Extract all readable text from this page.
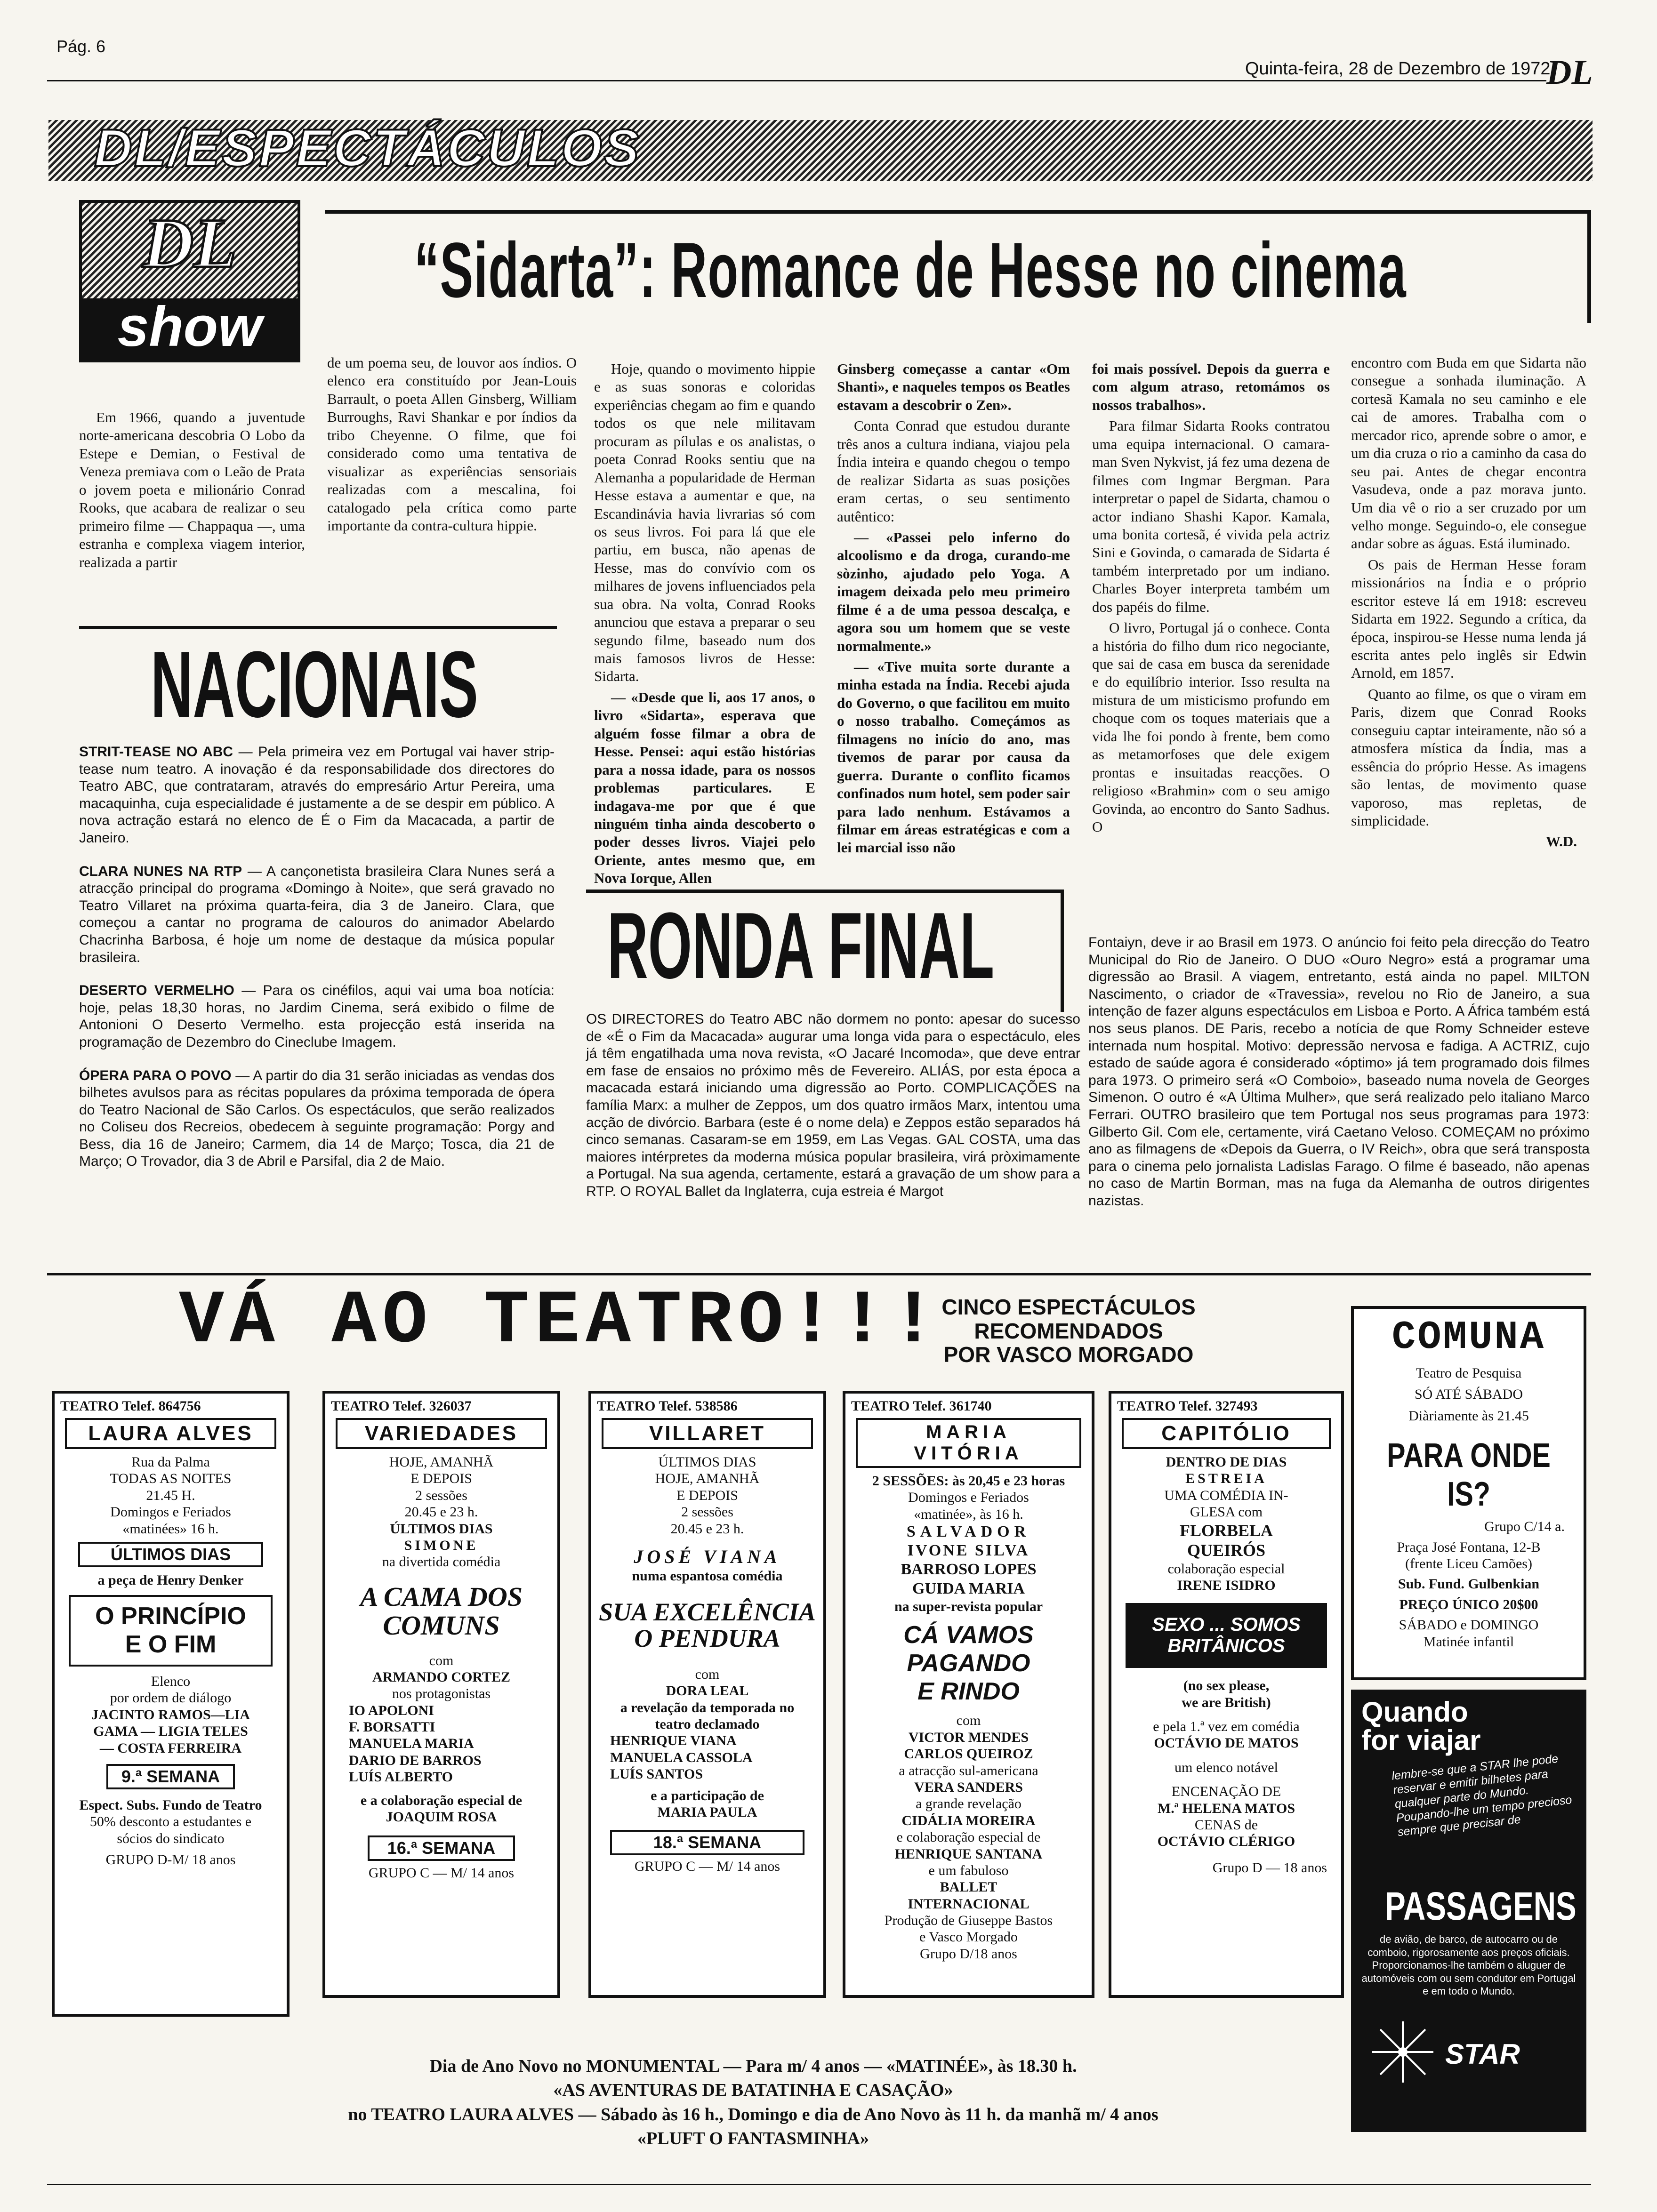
Pág. 6
Quinta-feira, 28 de Dezembro de 1972
DL
DL/ESPECTÁCULOS
DL
show
“Sidarta”: Romance de Hesse no cinema

Em 1966, quando a juventude norte-americana descobria O Lobo da Estepe e Demian, o Festival de Veneza premiava com o Leão de Prata o jovem poeta e milionário Conrad Rooks, que acabara de realizar o seu primeiro filme — Chappaqua —, uma estranha e complexa viagem interior, realizada a partir

de um poema seu, de louvor aos índios. O elenco era constituído por Jean-Louis Barrault, o poeta Allen Ginsberg, William Burroughs, Ravi Shankar e por índios da tribo Cheyenne. O filme, que foi considerado como uma tentativa de visualizar as experiências sensoriais realizadas com a mescalina, foi catalogado pela crítica como parte importante da contra-cultura hippie.

Hoje, quando o movimento hippie e as suas sonoras e coloridas experiências chegam ao fim e quando todos os que nele militavam procuram as pílulas e os analistas, o poeta Conrad Rooks sentiu que na Alemanha a popularidade de Herman Hesse estava a aumentar e que, na Escandinávia havia livrarias só com os seus livros. Foi para lá que ele partiu, em busca, não apenas de Hesse, mas do convívio com os milhares de jovens influenciados pela sua obra. Na volta, Conrad Rooks anunciou que estava a preparar o seu segundo filme, baseado num dos mais famosos livros de Hesse: Sidarta.

— «Desde que li, aos 17 anos, o livro «Sidarta», esperava que alguém fosse filmar a obra de Hesse. Pensei: aqui estão histórias para a nossa idade, para os nossos problemas particulares. E indagava-me por que é que ninguém tinha ainda descoberto o poder desses livros. Viajei pelo Oriente, antes mesmo que, em Nova Iorque, Allen

Ginsberg começasse a cantar «Om Shanti», e naqueles tempos os Beatles estavam a descobrir o Zen».

Conta Conrad que estudou durante três anos a cultura indiana, viajou pela Índia inteira e quando chegou o tempo de realizar Sidarta as suas posições eram certas, o seu sentimento autêntico:

— «Passei pelo inferno do alcoolismo e da droga, curando-me sòzinho, ajudado pelo Yoga. A imagem deixada pelo meu primeiro filme é a de uma pessoa descalça, e agora sou um homem que se veste normalmente.»

— «Tive muita sorte durante a minha estada na Índia. Recebi ajuda do Governo, o que facilitou em muito o nosso trabalho. Começámos as filmagens no início do ano, mas tivemos de parar por causa da guerra. Durante o conflito ficamos confinados num hotel, sem poder sair para lado nenhum. Estávamos a filmar em áreas estratégicas e com a lei marcial isso não

foi mais possível. Depois da guerra e com algum atraso, retomámos os nossos trabalhos».

Para filmar Sidarta Rooks contratou uma equipa internacional. O camara-man Sven Nykvist, já fez uma dezena de filmes com Ingmar Bergman. Para interpretar o papel de Sidarta, chamou o actor indiano Shashi Kapor. Kamala, uma bonita cortesã, é vivida pela actriz Sini e Govinda, o camarada de Sidarta é também interpretado por um indiano. Charles Boyer interpreta também um dos papéis do filme.

O livro, Portugal já o conhece. Conta a história do filho dum rico negociante, que sai de casa em busca da serenidade e do equilíbrio interior. Isso resulta na mistura de um misticismo profundo em choque com os toques materiais que a vida lhe foi pondo à frente, bem como as metamorfoses que dele exigem prontas e insuitadas reacções. O religioso «Brahmin» com o seu amigo Govinda, ao encontro do Santo Sadhus. O

encontro com Buda em que Sidarta não consegue a sonhada iluminação. A cortesã Kamala no seu caminho e ele cai de amores. Trabalha com o mercador rico, aprende sobre o amor, e um dia cruza o rio a caminho da casa do seu pai. Antes de chegar encontra Vasudeva, onde a paz morava junto. Um dia vê o rio a ser cruzado por um velho monge. Seguindo-o, ele consegue andar sobre as águas. Está iluminado.

Os pais de Herman Hesse foram missionários na Índia e o próprio escritor esteve lá em 1918: escreveu Sidarta em 1922. Segundo a crítica, da época, inspirou-se Hesse numa lenda já escrita antes pelo inglês sir Edwin Arnold, em 1857.

Quanto ao filme, os que o viram em Paris, dizem que Conrad Rooks conseguiu captar inteiramente, não só a atmosfera mística da Índia, mas a essência do próprio Hesse. As imagens são lentas, de movimento quase vaporoso, mas repletas, de simplicidade.

W.D.
NACIONAIS

STRIT-TEASE NO ABC — Pela primeira vez em Portugal vai haver strip-tease num teatro. A inovação é da responsabilidade dos directores do Teatro ABC, que contrataram, através do empresário Artur Pereira, uma macaquinha, cuja especialidade é justamente a de se despir em público. A nova actração estará no elenco de É o Fim da Macacada, a partir de Janeiro.

CLARA NUNES NA RTP — A cançonetista brasileira Clara Nunes será a atracção principal do programa «Domingo à Noite», que será gravado no Teatro Villaret na próxima quarta-feira, dia 3 de Janeiro. Clara, que começou a cantar no programa de calouros do animador Abelardo Chacrinha Barbosa, é hoje um nome de destaque da música popular brasileira.

DESERTO VERMELHO — Para os cinéfilos, aqui vai uma boa notícia: hoje, pelas 18,30 horas, no Jardim Cinema, será exibido o filme de Antonioni O Deserto Vermelho. esta projecção está inserida na programação de Dezembro do Cineclube Imagem.

ÓPERA PARA O POVO — A partir do dia 31 serão iniciadas as vendas dos bilhetes avulsos para as récitas populares da próxima temporada de ópera do Teatro Nacional de São Carlos. Os espectáculos, que serão realizados no Coliseu dos Recreios, obedecem à seguinte programação: Porgy and Bess, dia 16 de Janeiro; Carmem, dia 14 de Março; Tosca, dia 21 de Março; O Trovador, dia 3 de Abril e Parsifal, dia 2 de Maio.

RONDA FINAL
OS DIRECTORES do Teatro ABC não dormem no ponto: apesar do sucesso de «É o Fim da Macacada» augurar uma longa vida para o espectáculo, eles já têm engatilhada uma nova revista, «O Jacaré Incomoda», que deve entrar em fase de ensaios no próximo mês de Fevereiro. ALIÁS, por esta época a macacada estará iniciando uma digressão ao Porto. COMPLICAÇÕES na família Marx: a mulher de Zeppos, um dos quatro irmãos Marx, intentou uma acção de divórcio. Barbara (este é o nome dela) e Zeppos estão separados há cinco semanas. Casaram-se em 1959, em Las Vegas. GAL COSTA, uma das maiores intérpretes da moderna música popular brasileira, virá pròximamente a Portugal. Na sua agenda, certamente, estará a gravação de um show para a RTP. O ROYAL Ballet da Inglaterra, cuja estreia é Margot
Fontaiyn, deve ir ao Brasil em 1973. O anúncio foi feito pela direcção do Teatro Municipal do Rio de Janeiro. O DUO «Ouro Negro» está a programar uma digressão ao Brasil. A viagem, entretanto, está ainda no papel. MILTON Nascimento, o criador de «Travessia», revelou no Rio de Janeiro, a sua intenção de fazer alguns espectáculos em Lisboa e Porto. A África também está nos seus planos. DE Paris, recebo a notícia de que Romy Schneider esteve internada num hospital. Motivo: depressão nervosa e fadiga. A ACTRIZ, cujo estado de saúde agora é considerado «óptimo» já tem programado dois filmes para 1973. O primeiro será «O Comboio», baseado numa novela de Georges Simenon. O outro é «A Última Mulher», que será realizado pelo italiano Marco Ferrari. OUTRO brasileiro que tem Portugal nos seus programas para 1973: Gilberto Gil. Com ele, certamente, virá Caetano Veloso. COMEÇAM no próximo ano as filmagens de «Depois da Guerra, o IV Reich», obra que será transposta para o cinema pelo jornalista Ladislas Farago. O filme é baseado, não apenas no caso de Martin Borman, mas na fuga da Alemanha de outros dirigentes nazistas.
VÁ AO TEATRO!!! CINCO ESPECTÁCULOS
RECOMENDADOS
POR VASCO MORGADO
TEATRO Telef. 864756
LAURA ALVES
Rua da Palma
TODAS AS NOITES
21.45 H.
Domingos e Feriados
«matinées» 16 h.
ÚLTIMOS DIAS
a peça de Henry Denker
O PRINCÍPIO
E O FIM
Elenco
por ordem de diálogo
JACINTO RAMOS—LIA
GAMA — LIGIA TELES
— COSTA FERREIRA
9.ª SEMANA
Espect. Subs. Fundo de Teatro
50% desconto a estudantes e sócios do sindicato
GRUPO D-M/ 18 anos
TEATRO Telef. 326037
VARIEDADES
HOJE, AMANHÃ
E DEPOIS
2 sessões
20.45 e 23 h.
ÚLTIMOS DIAS
SIMONE
na divertida comédia
A CAMA DOS
COMUNS
com
ARMANDO CORTEZ
nos protagonistas
IO APOLONI
F. BORSATTI
MANUELA MARIA
DARIO DE BARROS
LUÍS ALBERTO
e a colaboração especial de
JOAQUIM ROSA
16.ª SEMANA
GRUPO C — M/ 14 anos
TEATRO Telef. 538586
VILLARET
ÚLTIMOS DIAS
HOJE, AMANHÃ
E DEPOIS
2 sessões
20.45 e 23 h.
JOSÉ VIANA
numa espantosa comédia
SUA EXCELÊNCIA
O PENDURA
com
DORA LEAL
a revelação da temporada no teatro declamado
HENRIQUE VIANA
MANUELA CASSOLA
LUÍS SANTOS
e a participação de
MARIA PAULA
18.ª SEMANA
GRUPO C — M/ 14 anos
TEATRO Telef. 361740
MARIA
VITÓRIA
2 SESSÕES: às 20,45 e 23 horas
Domingos e Feriados
«matinée», às 16 h.
SALVADOR
IVONE SILVA
BARROSO LOPES
GUIDA MARIA
na super-revista popular
CÁ VAMOS
PAGANDO
E RINDO
com
VICTOR MENDES
CARLOS QUEIROZ
a atracção sul-americana
VERA SANDERS
a grande revelação
CIDÁLIA MOREIRA
e colaboração especial de
HENRIQUE SANTANA
e um fabuloso
BALLET
INTERNACIONAL
Produção de Giuseppe Bastos
e Vasco Morgado
Grupo D/18 anos
TEATRO Telef. 327493
CAPITÓLIO
DENTRO DE DIAS
ESTREIA
UMA COMÉDIA IN-
GLESA com
FLORBELA
QUEIRÓS
colaboração especial
IRENE ISIDRO
SEXO ... SOMOS BRITÂNICOS
(no sex please,
we are British)
e pela 1.ª vez em comédia
OCTÁVIO DE MATOS
um elenco notável
ENCENAÇÃO DE
M.ª HELENA MATOS
CENAS de
OCTÁVIO CLÉRIGO
Grupo D — 18 anos
COMUNA
Teatro de Pesquisa
SÓ ATÉ SÁBADO
Diàriamente às 21.45
PARA ONDE IS?
Grupo C/14 a.
Praça José Fontana, 12-B
(frente Liceu Camões)
Sub. Fund. Gulbenkian
PREÇO ÚNICO 20$00
SÁBADO e DOMINGO
Matinée infantil
Quando
for viajar
lembre-se que a STAR lhe pode reservar e emitir bilhetes para qualquer parte do Mundo. Poupando-lhe um tempo precioso sempre que precisar de
PASSAGENS
de avião, de barco, de autocarro ou de comboio, rigorosamente aos preços oficiais. Proporcionamos-lhe também o aluguer de automóveis com ou sem condutor em Portugal e em todo o Mundo.
STAR
Dia de Ano Novo no MONUMENTAL — Para m/ 4 anos — «MATINÉE», às 18.30 h.
«AS AVENTURAS DE BATATINHA E CASAÇÃO»
no TEATRO LAURA ALVES — Sábado às 16 h., Domingo e dia de Ano Novo às 11 h. da manhã m/ 4 anos
«PLUFT O FANTASMINHA»
